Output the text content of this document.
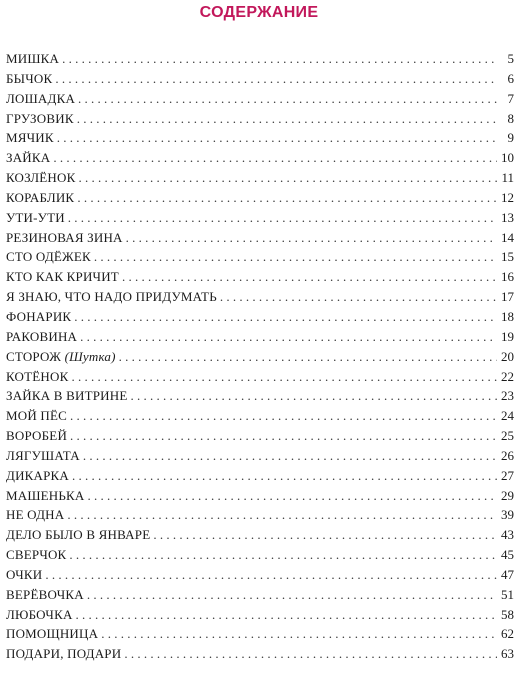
СОДЕРЖАНИЕ
МИШКА . . .	5
БЫЧОК . . .	6
ЛОШАДКА . . .	7
ГРУЗОВИК . . .	8
МЯЧИК . . .	9
ЗАЙКА . . .	10
КОЗЛЁНОК . . .	11
КОРАБЛИК . . .	12
УТИ-УТИ . . .	13
РЕЗИНОВАЯ ЗИНА . . .	14
СТО ОДЁЖЕК . . .	15
КТО КАК КРИЧИТ . . .	16
Я ЗНАЮ, ЧТО НАДО ПРИДУМАТЬ . . .	17
ФОНАРИК . . .	18
РАКОВИНА . . .	19
СТОРОЖ (Шутка) . . .	20
КОТЁНОК . . .	22
ЗАЙКА В ВИТРИНЕ . . .	23
МОЙ ПЁС . . .	24
ВОРОБЕЙ . . .	25
ЛЯГУШАТА . . .	26
ДИКАРКА . . .	27
МАШЕНЬКА . . .	29
НЕ ОДНА . . .	39
ДЕЛО БЫЛО В ЯНВАРЕ . . .	43
СВЕРЧОК . . .	45
ОЧКИ . . .	47
ВЕРЁВОЧКА . . .	51
ЛЮБОЧКА . . .	58
ПОМОЩНИЦА . . .	62
ПОДАРИ, ПОДАРИ . . .	63
